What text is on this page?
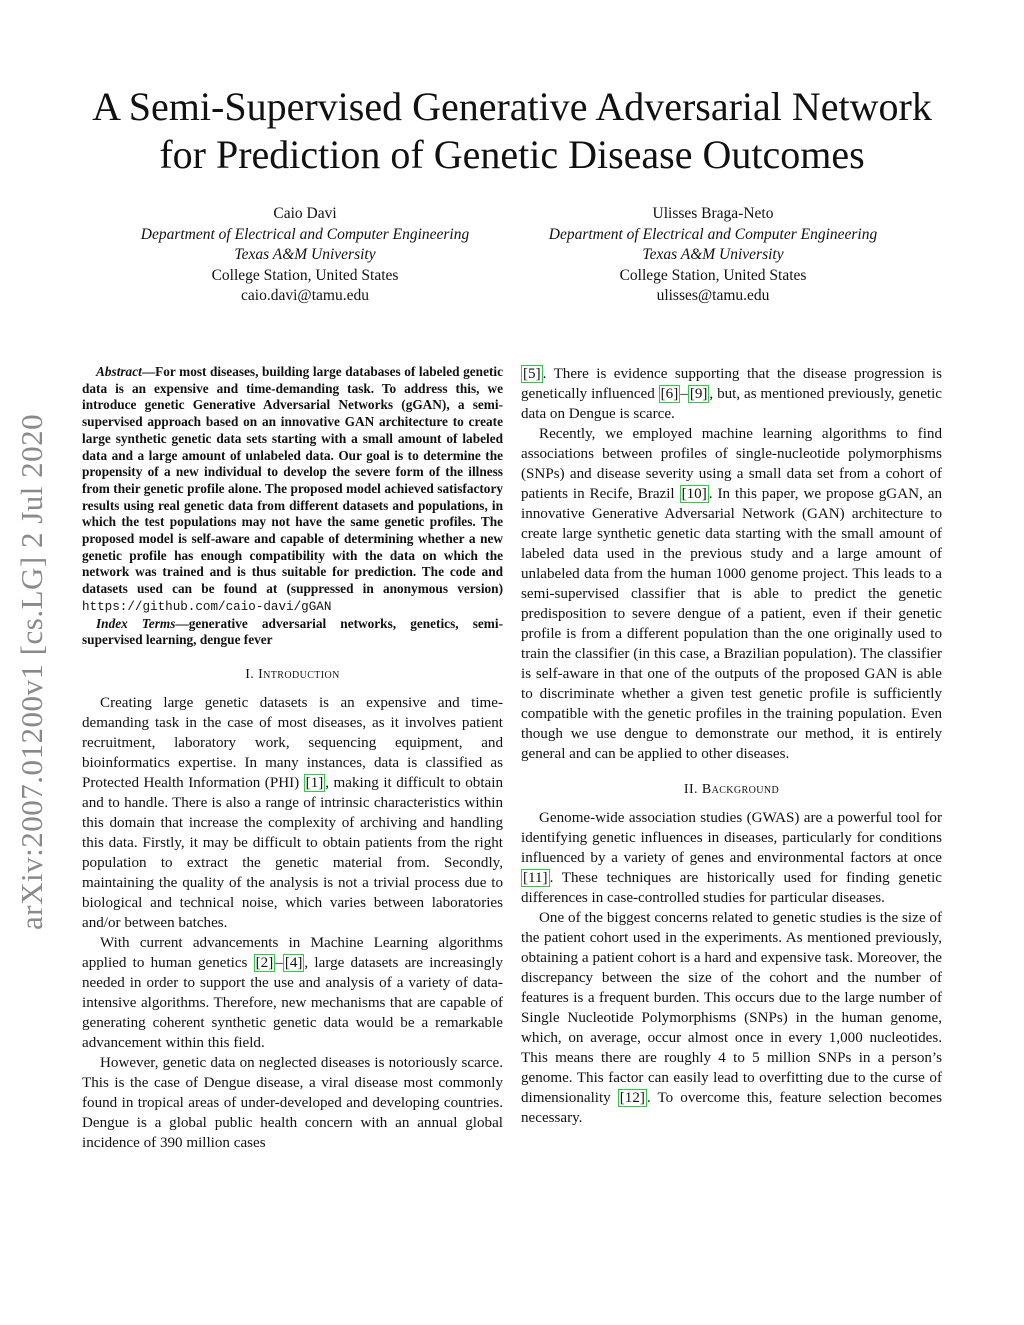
arXiv:2007.01200v1 [cs.LG] 2 Jul 2020
A Semi-Supervised Generative Adversarial Network
for Prediction of Genetic Disease Outcomes
Caio Davi
Department of Electrical and Computer Engineering
Texas A&M University
College Station, United States
caio.davi@tamu.edu
Ulisses Braga-Neto
Department of Electrical and Computer Engineering
Texas A&M University
College Station, United States
ulisses@tamu.edu

Abstract—For most diseases, building large databases of labeled genetic data is an expensive and time-demanding task. To address this, we introduce genetic Generative Adversarial Networks (gGAN), a semi-supervised approach based on an innovative GAN architecture to create large synthetic genetic data sets starting with a small amount of labeled data and a large amount of unlabeled data. Our goal is to determine the propensity of a new individual to develop the severe form of the illness from their genetic profile alone. The proposed model achieved satisfactory results using real genetic data from different datasets and populations, in which the test populations may not have the same genetic profiles. The proposed model is self-aware and capable of determining whether a new genetic profile has enough compatibility with the data on which the network was trained and is thus suitable for prediction. The code and datasets used can be found at (suppressed in anonymous version) https://github.com/caio-davi/gGAN

Index Terms—generative adversarial networks, genetics, semi-supervised learning, dengue fever

I. Introduction

Creating large genetic datasets is an expensive and time-demanding task in the case of most diseases, as it involves patient recruitment, laboratory work, sequencing equipment, and bioinformatics expertise. In many instances, data is classified as Protected Health Information (PHI) [1] , making it difficult to obtain and to handle. There is also a range of intrinsic characteristics within this domain that increase the complexity of archiving and handling this data. Firstly, it may be difficult to obtain patients from the right population to extract the genetic material from. Secondly, maintaining the quality of the analysis is not a trivial process due to biological and technical noise, which varies between laboratories and/or between batches.

With current advancements in Machine Learning algorithms applied to human genetics [2] – [4] , large datasets are increasingly needed in order to support the use and analysis of a variety of data-intensive algorithms. Therefore, new mechanisms that are capable of generating coherent synthetic genetic data would be a remarkable advancement within this field.

However, genetic data on neglected diseases is notoriously scarce. This is the case of Dengue disease, a viral disease most commonly found in tropical areas of under-developed and developing countries. Dengue is a global public health concern with an annual global incidence of 390 million cases

[5] . There is evidence supporting that the disease progression is genetically influenced [6] – [9] , but, as mentioned previously, genetic data on Dengue is scarce.

Recently, we employed machine learning algorithms to find associations between profiles of single-nucleotide polymorphisms (SNPs) and disease severity using a small data set from a cohort of patients in Recife, Brazil [10] . In this paper, we propose gGAN, an innovative Generative Adversarial Network (GAN) architecture to create large synthetic genetic data starting with the small amount of labeled data used in the previous study and a large amount of unlabeled data from the human 1000 genome project. This leads to a semi-supervised classifier that is able to predict the genetic predisposition to severe dengue of a patient, even if their genetic profile is from a different population than the one originally used to train the classifier (in this case, a Brazilian population). The classifier is self-aware in that one of the outputs of the proposed GAN is able to discriminate whether a given test genetic profile is sufficiently compatible with the genetic profiles in the training population. Even though we use dengue to demonstrate our method, it is entirely general and can be applied to other diseases.

II. Background

Genome-wide association studies (GWAS) are a powerful tool for identifying genetic influences in diseases, particularly for conditions influenced by a variety of genes and environmental factors at once [11] . These techniques are historically used for finding genetic differences in case-controlled studies for particular diseases.

One of the biggest concerns related to genetic studies is the size of the patient cohort used in the experiments. As mentioned previously, obtaining a patient cohort is a hard and expensive task. Moreover, the discrepancy between the size of the cohort and the number of features is a frequent burden. This occurs due to the large number of Single Nucleotide Polymorphisms (SNPs) in the human genome, which, on average, occur almost once in every 1,000 nucleotides. This means there are roughly 4 to 5 million SNPs in a person’s genome. This factor can easily lead to overfitting due to the curse of dimensionality [12] . To overcome this, feature selection becomes necessary.
